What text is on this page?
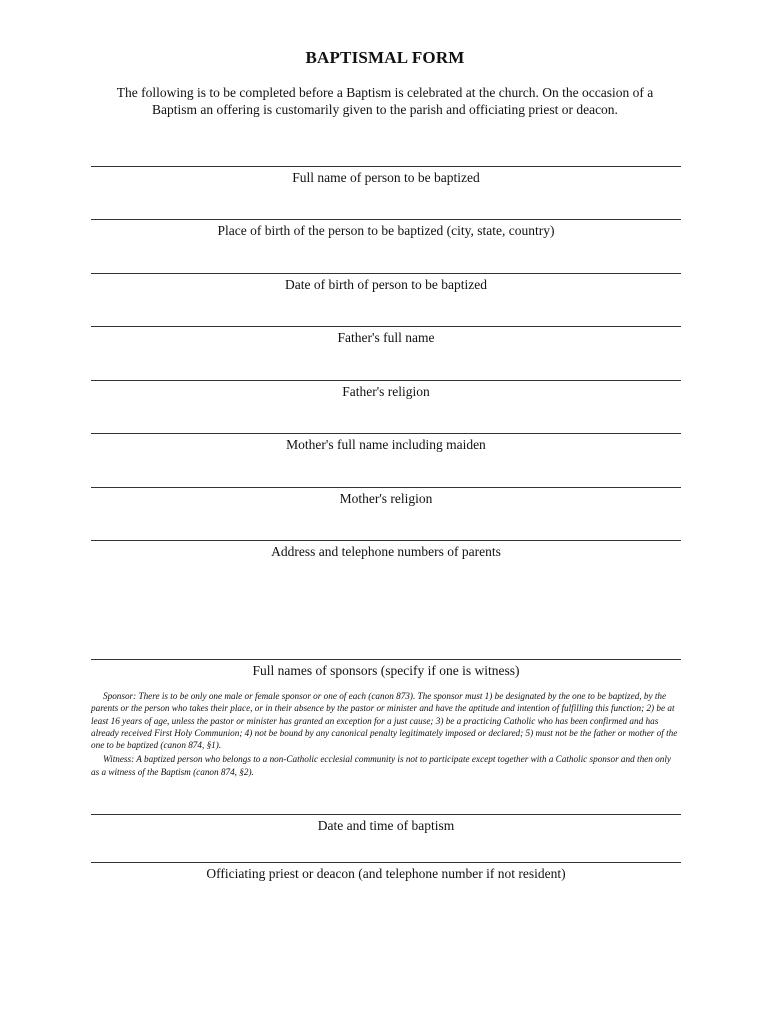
BAPTISMAL FORM
The following is to be completed before a Baptism is celebrated at the church. On the occasion of a
Baptism an offering is customarily given to the parish and officiating priest or deacon.
Full name of person to be baptized
Place of birth of the person to be baptized (city, state, country)
Date of birth of person to be baptized
Father's full name
Father's religion
Mother's full name including maiden
Mother's religion
Address and telephone numbers of parents
Full names of sponsors (specify if one is witness)

Sponsor: There is to be only one male or female sponsor or one of each (canon 873). The sponsor must 1) be designated by the one to be baptized, by the parents or the person who takes their place, or in their absence by the pastor or minister and have the aptitude and intention of fulfilling this function; 2) be at least 16 years of age, unless the pastor or minister has granted an exception for a just cause; 3) be a practicing Catholic who has been confirmed and has already received First Holy Communion; 4) not be bound by any canonical penalty legitimately imposed or declared; 5) must not be the father or mother of the one to be baptized (canon 874, §1).

Witness: A baptized person who belongs to a non-Catholic ecclesial community is not to participate except together with a Catholic sponsor and then only as a witness of the Baptism (canon 874, §2).

Date and time of baptism
Officiating priest or deacon (and telephone number if not resident)
